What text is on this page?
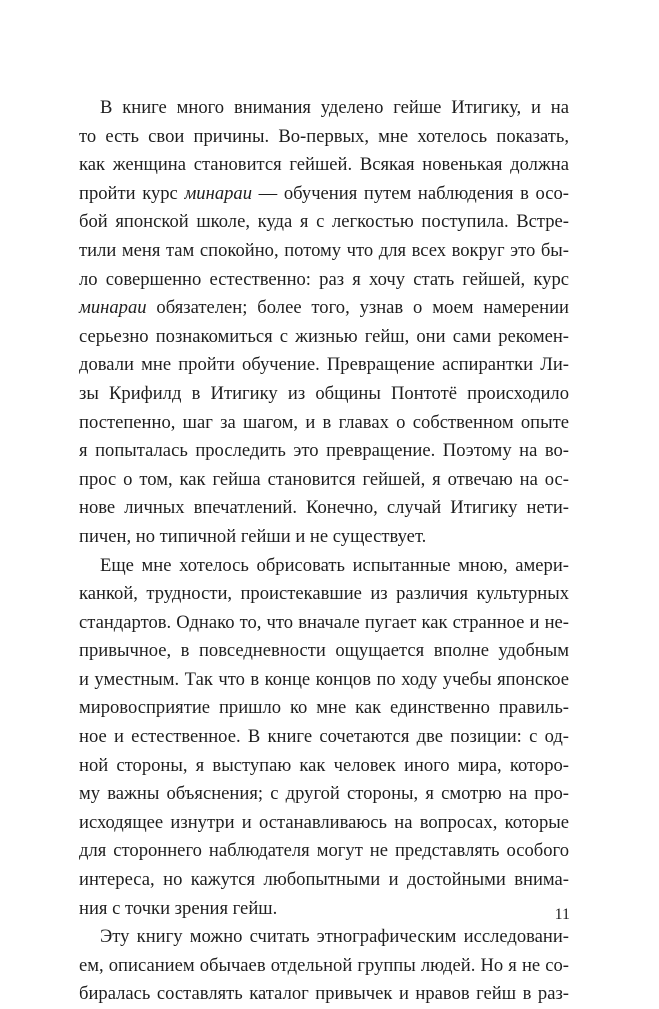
В книге много внимания уделено гейше Итигику, и на
то есть свои причины. Во-первых, мне хотелось показать,
как женщина становится гейшей. Всякая новенькая должна
пройти курс минараи — обучения путем наблюдения в осо-
бой японской школе, куда я с легкостью поступила. Встре-
тили меня там спокойно, потому что для всех вокруг это бы-
ло совершенно естественно: раз я хочу стать гейшей, курс
минараи обязателен; более того, узнав о моем намерении
серьезно познакомиться с жизнью гейш, они сами рекомен-
довали мне пройти обучение. Превращение аспирантки Ли-
зы Крифилд в Итигику из общины Понтотё происходило
постепенно, шаг за шагом, и в главах о собственном опыте
я попыталась проследить это превращение. Поэтому на во-
прос о том, как гейша становится гейшей, я отвечаю на ос-
нове личных впечатлений. Конечно, случай Итигику нети-
пичен, но типичной гейши и не существует.
Еще мне хотелось обрисовать испытанные мною, амери-
канкой, трудности, проистекавшие из различия культурных
стандартов. Однако то, что вначале пугает как странное и не-
привычное, в повседневности ощущается вполне удобным
и уместным. Так что в конце концов по ходу учебы японское
мировосприятие пришло ко мне как единственно правиль-
ное и естественное. В книге сочетаются две позиции: с од-
ной стороны, я выступаю как человек иного мира, которо-
му важны объяснения; с другой стороны, я смотрю на про-
исходящее изнутри и останавливаюсь на вопросах, которые
для стороннего наблюдателя могут не представлять особого
интереса, но кажутся любопытными и достойными внима-
ния с точки зрения гейш.
Эту книгу можно считать этнографическим исследовани-
ем, описанием обычаев отдельной группы людей. Но я не со-
биралась составлять каталог привычек и нравов гейш в раз-
11
